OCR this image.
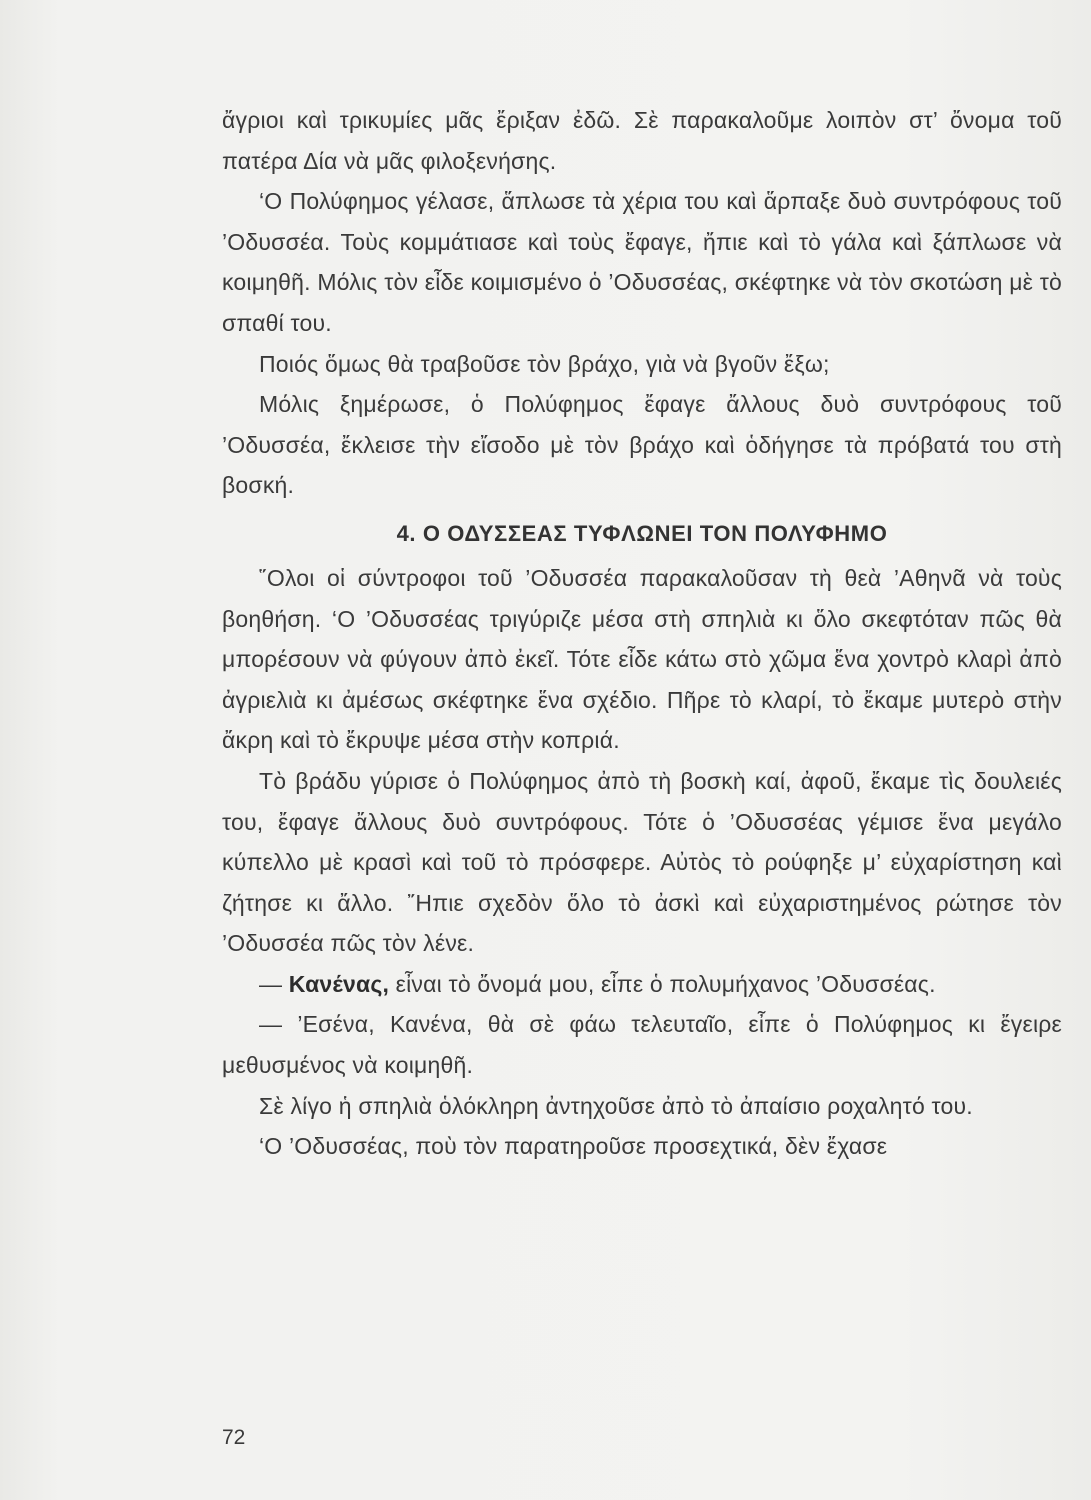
ἄγριοι καὶ τρικυμίες μᾶς ἔριξαν ἐδῶ. Σὲ παρακαλοῦμε λοιπὸν στ’ ὄνομα τοῦ πατέρα Δία νὰ μᾶς φιλοξενήσης.

‘Ο Πολύφημος γέλασε, ἅπλωσε τὰ χέρια του καὶ ἅρπαξε δυὸ συντρόφους τοῦ ’Οδυσσέα. Τοὺς κομμάτιασε καὶ τοὺς ἔφαγε, ἤπιε καὶ τὸ γάλα καὶ ξάπλωσε νὰ κοιμηθῆ. Μόλις τὸν εἶδε κοιμισμένο ὁ ’Οδυσσέας, σκέφτηκε νὰ τὸν σκοτώση μὲ τὸ σπαθί του.

Ποιός ὅμως θὰ τραβοῦσε τὸν βράχο, γιὰ νὰ βγοῦν ἔξω;

Μόλις ξημέρωσε, ὁ Πολύφημος ἔφαγε ἄλλους δυὸ συντρόφους τοῦ ’Οδυσσέα, ἔκλεισε τὴν εἴσοδο μὲ τὸν βράχο καὶ ὁδήγησε τὰ πρόβατά του στὴ βοσκή.

4. Ο ΟΔΥΣΣΕΑΣ ΤΥΦΛΩΝΕΙ ΤΟΝ ΠΟΛΥΦΗΜΟ

῞Ολοι οἱ σύντροφοι τοῦ ’Οδυσσέα παρακαλοῦσαν τὴ θεὰ ’Αθηνᾶ νὰ τοὺς βοηθήση. ‘Ο ’Οδυσσέας τριγύριζε μέσα στὴ σπηλιὰ κι ὅλο σκεφτόταν πῶς θὰ μπορέσουν νὰ φύγουν ἀπὸ ἐκεῖ. Τότε εἶδε κάτω στὸ χῶμα ἕνα χοντρὸ κλαρὶ ἀπὸ ἀγριελιὰ κι ἀμέσως σκέφτηκε ἕνα σχέδιο. Πῆρε τὸ κλαρί, τὸ ἔκαμε μυτερὸ στὴν ἄκρη καὶ τὸ ἔκρυψε μέσα στὴν κοπριά.

Τὸ βράδυ γύρισε ὁ Πολύφημος ἀπὸ τὴ βοσκὴ καί, ἀφοῦ, ἔκαμε τὶς δουλειές του, ἔφαγε ἄλλους δυὸ συντρόφους. Τότε ὁ ’Οδυσσέας γέμισε ἕνα μεγάλο κύπελλο μὲ κρασὶ καὶ τοῦ τὸ πρόσφερε. Αὐτὸς τὸ ρούφηξε μ’ εὐχαρίστηση καὶ ζήτησε κι ἄλλο. ῎Ηπιε σχεδὸν ὅλο τὸ ἀσκὶ καὶ εὐχαριστημένος ρώτησε τὸν ’Οδυσσέα πῶς τὸν λένε.

— Κανένας, εἶναι τὸ ὄνομά μου, εἶπε ὁ πολυμήχανος ’Οδυσσέας.

— ’Εσένα, Κανένα, θὰ σὲ φάω τελευταῖο, εἶπε ὁ Πολύφημος κι ἔγειρε μεθυσμένος νὰ κοιμηθῆ.

Σὲ λίγο ἡ σπηλιὰ ὁλόκληρη ἀντηχοῦσε ἀπὸ τὸ ἀπαίσιο ροχαλητό του.

‘Ο ’Οδυσσέας, ποὺ τὸν παρατηροῦσε προσεχτικά, δὲν ἔχασε

72
